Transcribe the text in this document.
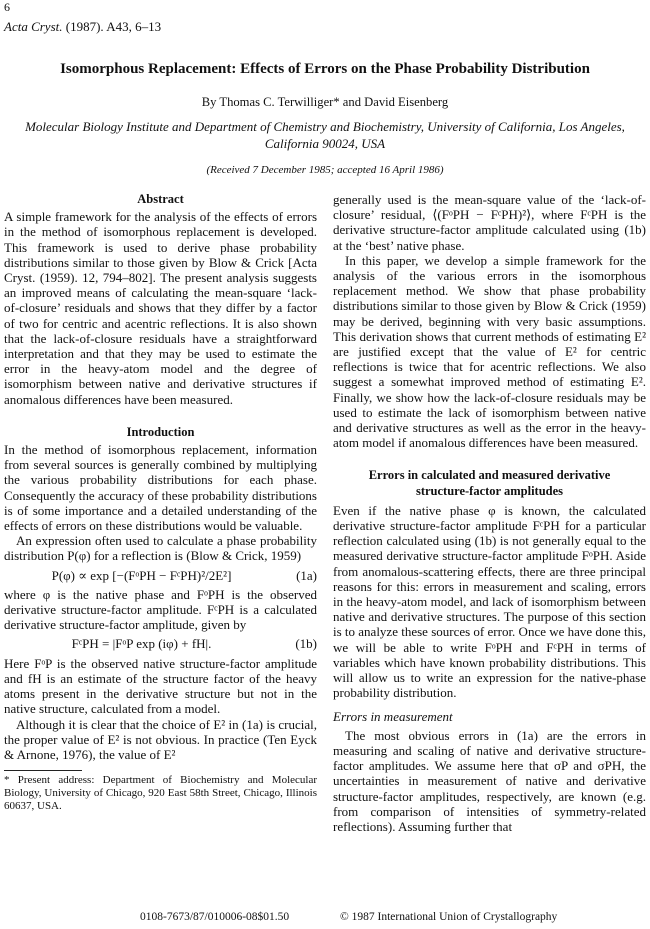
6
Acta Cryst. (1987). A43, 6–13
Isomorphous Replacement: Effects of Errors on the Phase Probability Distribution
By Thomas C. Terwilliger* and David Eisenberg
Molecular Biology Institute and Department of Chemistry and Biochemistry, University of California, Los Angeles, California 90024, USA
(Received 7 December 1985; accepted 16 April 1986)

Abstract

A simple framework for the analysis of the effects of errors in the method of isomorphous replacement is developed. This framework is used to derive phase probability distributions similar to those given by Blow & Crick [Acta Cryst. (1959). 12, 794–802]. The present analysis suggests an improved means of calculating the mean-square ‘lack-of-closure’ residuals and shows that they differ by a factor of two for centric and acentric reflections. It is also shown that the lack-of-closure residuals have a straightforward interpretation and that they may be used to estimate the error in the heavy-atom model and the degree of isomorphism between native and derivative structures if anomalous differences have been measured.

Introduction

In the method of isomorphous replacement, information from several sources is generally combined by multiplying the various probability distributions for each phase. Consequently the accuracy of these probability distributions is of some importance and a detailed understanding of the effects of errors on these distributions would be valuable.

An expression often used to calculate a phase probability distribution P(φ) for a reflection is (Blow & Crick, 1959)

P(φ) ∝ exp [−(FᵒPH − FᶜPH)²/2E²]	(1a)

where φ is the native phase and FᵒPH is the observed derivative structure-factor amplitude. FᶜPH is a calculated derivative structure-factor amplitude, given by

FᶜPH = |FᵒP exp (iφ) + fH|.	(1b)

Here FᵒP is the observed native structure-factor amplitude and fH is an estimate of the structure factor of the heavy atoms present in the derivative structure but not in the native structure, calculated from a model.

Although it is clear that the choice of E² in (1a) is crucial, the proper value of E² is not obvious. In practice (Ten Eyck & Arnone, 1976), the value of E²

* Present address: Department of Biochemistry and Molecular Biology, University of Chicago, 920 East 58th Street, Chicago, Illinois 60637, USA.

generally used is the mean-square value of the ‘lack-of-closure’ residual, ⟨(FᵒPH − FᶜPH)²⟩, where FᶜPH is the derivative structure-factor amplitude calculated using (1b) at the ‘best’ native phase.

In this paper, we develop a simple framework for the analysis of the various errors in the isomorphous replacement method. We show that phase probability distributions similar to those given by Blow & Crick (1959) may be derived, beginning with very basic assumptions. This derivation shows that current methods of estimating E² are justified except that the value of E² for centric reflections is twice that for acentric reflections. We also suggest a somewhat improved method of estimating E². Finally, we show how the lack-of-closure residuals may be used to estimate the lack of isomorphism between native and derivative structures as well as the error in the heavy-atom model if anomalous differences have been measured.

Errors in calculated and measured derivative structure-factor amplitudes

Even if the native phase φ is known, the calculated derivative structure-factor amplitude FᶜPH for a particular reflection calculated using (1b) is not generally equal to the measured derivative structure-factor amplitude FᵒPH. Aside from anomalous-scattering effects, there are three principal reasons for this: errors in measurement and scaling, errors in the heavy-atom model, and lack of isomorphism between native and derivative structures. The purpose of this section is to analyze these sources of error. Once we have done this, we will be able to write FᵒPH and FᶜPH in terms of variables which have known probability distributions. This will allow us to write an expression for the native-phase probability distribution.

Errors in measurement

The most obvious errors in (1a) are the errors in measuring and scaling of native and derivative structure-factor amplitudes. We assume here that σP and σPH, the uncertainties in measurement of native and derivative structure-factor amplitudes, respectively, are known (e.g. from comparison of intensities of symmetry-related reflections). Assuming further that

0108-7673/87/010006-08$01.50	© 1987 International Union of Crystallography
